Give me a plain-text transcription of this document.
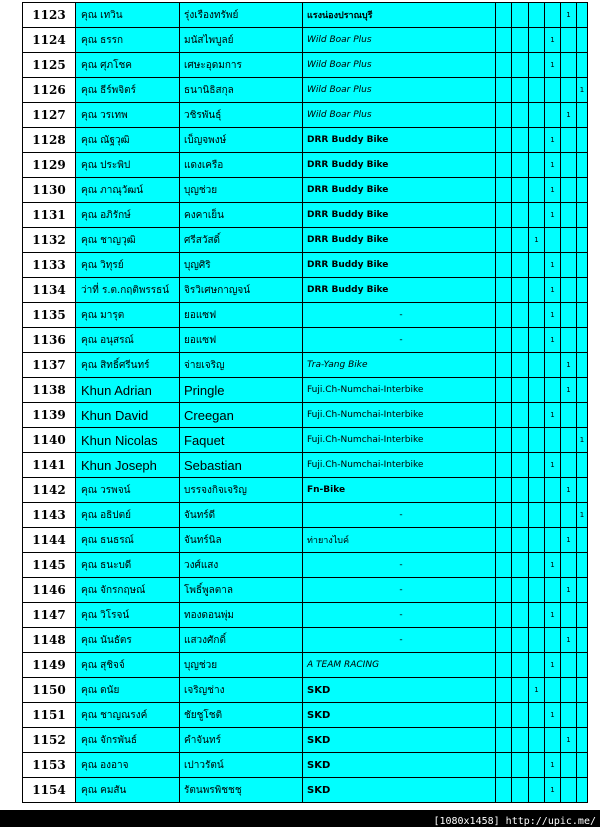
1123	คุณ เทวิน	รุ่งเรืองทรัพย์	แรงน่องปราณบุรี					1	
1124	คุณ ธรรก	มนัสไพบูลย์	Wild Boar Plus				1		
1125	คุณ ศุภโชค	เศษะอุดมการ	Wild Boar Plus				1		
1126	คุณ ธีร์พจิตร์	ธนานิธิสกุล	Wild Boar Plus						1
1127	คุณ วรเทพ	วชิรพันธุ์	Wild Boar Plus					1	
1128	คุณ ณัฐวุฒิ	เบ็ญจพงษ์	DRR Buddy Bike				1		
1129	คุณ ประพิป	แดงเครือ	DRR Buddy Bike				1		
1130	คุณ ภาณุวัฒน์	บุญช่วย	DRR Buddy Bike				1		
1131	คุณ อภิรักษ์	คงคาเย็น	DRR Buddy Bike				1		
1132	คุณ ชาญวุฒิ	ศรีสวัสดิ์	DRR Buddy Bike			1			
1133	คุณ วิทุรย์	บุญศิริ	DRR Buddy Bike				1		
1134	ว่าที่ ร.ต.กฤติพรรธน์	จิรวิเศษกาญจน์	DRR Buddy Bike				1		
1135	คุณ มารุต	ยอแซฟ	-				1		
1136	คุณ อนุสรณ์	ยอแซฟ	-				1		
1137	คุณ สิทธิ์ศรีนทร์	จ่ายเจริญ	Tra-Yang Bike					1	
1138	Khun Adrian	Pringle	Fuji.Ch-Numchai-Interbike					1	
1139	Khun David	Creegan	Fuji.Ch-Numchai-Interbike				1		
1140	Khun Nicolas	Faquet	Fuji.Ch-Numchai-Interbike						1
1141	Khun Joseph	Sebastian	Fuji.Ch-Numchai-Interbike				1		
1142	คุณ วรพจน์	บรรจงกิจเจริญ	Fn-Bike					1	
1143	คุณ อธิปตย์	จันทร์ดี	-						1
1144	คุณ ธนธรณ์	จันทร์นิล	ท่ายางไบค์					1	
1145	คุณ ธนะบดี	วงศ์แสง	-				1		
1146	คุณ จักรกฤษณ์	โพธิ์พูลตาล	-					1	
1147	คุณ วิโรจน์	ทองดอนพุ่ม	-				1		
1148	คุณ นันธัตร	แสวงศักดิ์	-					1	
1149	คุณ สุชิจจ์	บุญช่วย	A TEAM RACING				1		
1150	คุณ ดนัย	เจริญช่าง	SKD			1			
1151	คุณ ชาญณรงค์	ชัยชูโชติ	SKD				1		
1152	คุณ จักรพันธ์	คำจันทร์	SKD					1	
1153	คุณ องอาจ	เปาวรัตน์	SKD				1		
1154	คุณ คมสัน	รัตนพรพิชชชุ	SKD				1		
[1080x1458] http://upic.me/
